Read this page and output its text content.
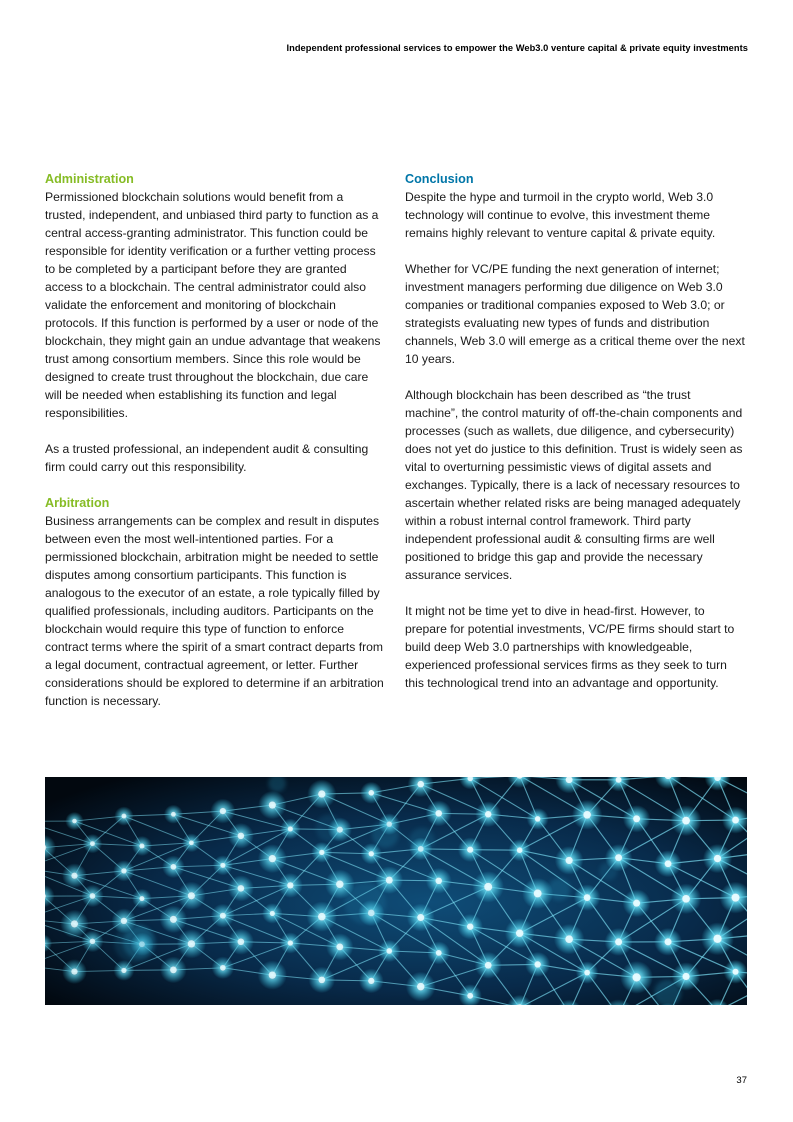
Independent professional services to empower the Web3.0 venture capital & private equity investments
Administration

Permissioned blockchain solutions would benefit from a trusted, independent, and unbiased third party to function as a central access-granting administrator. This function could be responsible for identity verification or a further vetting process to be completed by a participant before they are granted access to a blockchain. The central administrator could also validate the enforcement and monitoring of blockchain protocols. If this function is performed by a user or node of the blockchain, they might gain an undue advantage that weakens trust among consortium members. Since this role would be designed to create trust throughout the blockchain, due care will be needed when establishing its function and legal responsibilities.

As a trusted professional, an independent audit & consulting firm could carry out this responsibility.

Arbitration

Business arrangements can be complex and result in disputes between even the most well-intentioned parties. For a permissioned blockchain, arbitration might be needed to settle disputes among consortium participants. This function is analogous to the executor of an estate, a role typically filled by qualified professionals, including auditors. Participants on the blockchain would require this type of function to enforce contract terms where the spirit of a smart contract departs from a legal document, contractual agreement, or letter. Further considerations should be explored to determine if an arbitration function is necessary.

Conclusion

Despite the hype and turmoil in the crypto world, Web 3.0 technology will continue to evolve, this investment theme remains highly relevant to venture capital & private equity.

Whether for VC/PE funding the next generation of internet; investment managers performing due diligence on Web 3.0 companies or traditional companies exposed to Web 3.0; or strategists evaluating new types of funds and distribution channels, Web 3.0 will emerge as a critical theme over the next 10 years.

Although blockchain has been described as “the trust machine”, the control maturity of off-the-chain components and processes (such as wallets, due diligence, and cybersecurity) does not yet do justice to this definition. Trust is widely seen as vital to overturning pessimistic views of digital assets and exchanges. Typically, there is a lack of necessary resources to ascertain whether related risks are being managed adequately within a robust internal control framework. Third party independent professional audit & consulting firms are well positioned to bridge this gap and provide the necessary assurance services.

It might not be time yet to dive in head-first. However, to prepare for potential investments, VC/PE firms should start to build deep Web 3.0 partnerships with knowledgeable, experienced professional services firms as they seek to turn this technological trend into an advantage and opportunity.

37
